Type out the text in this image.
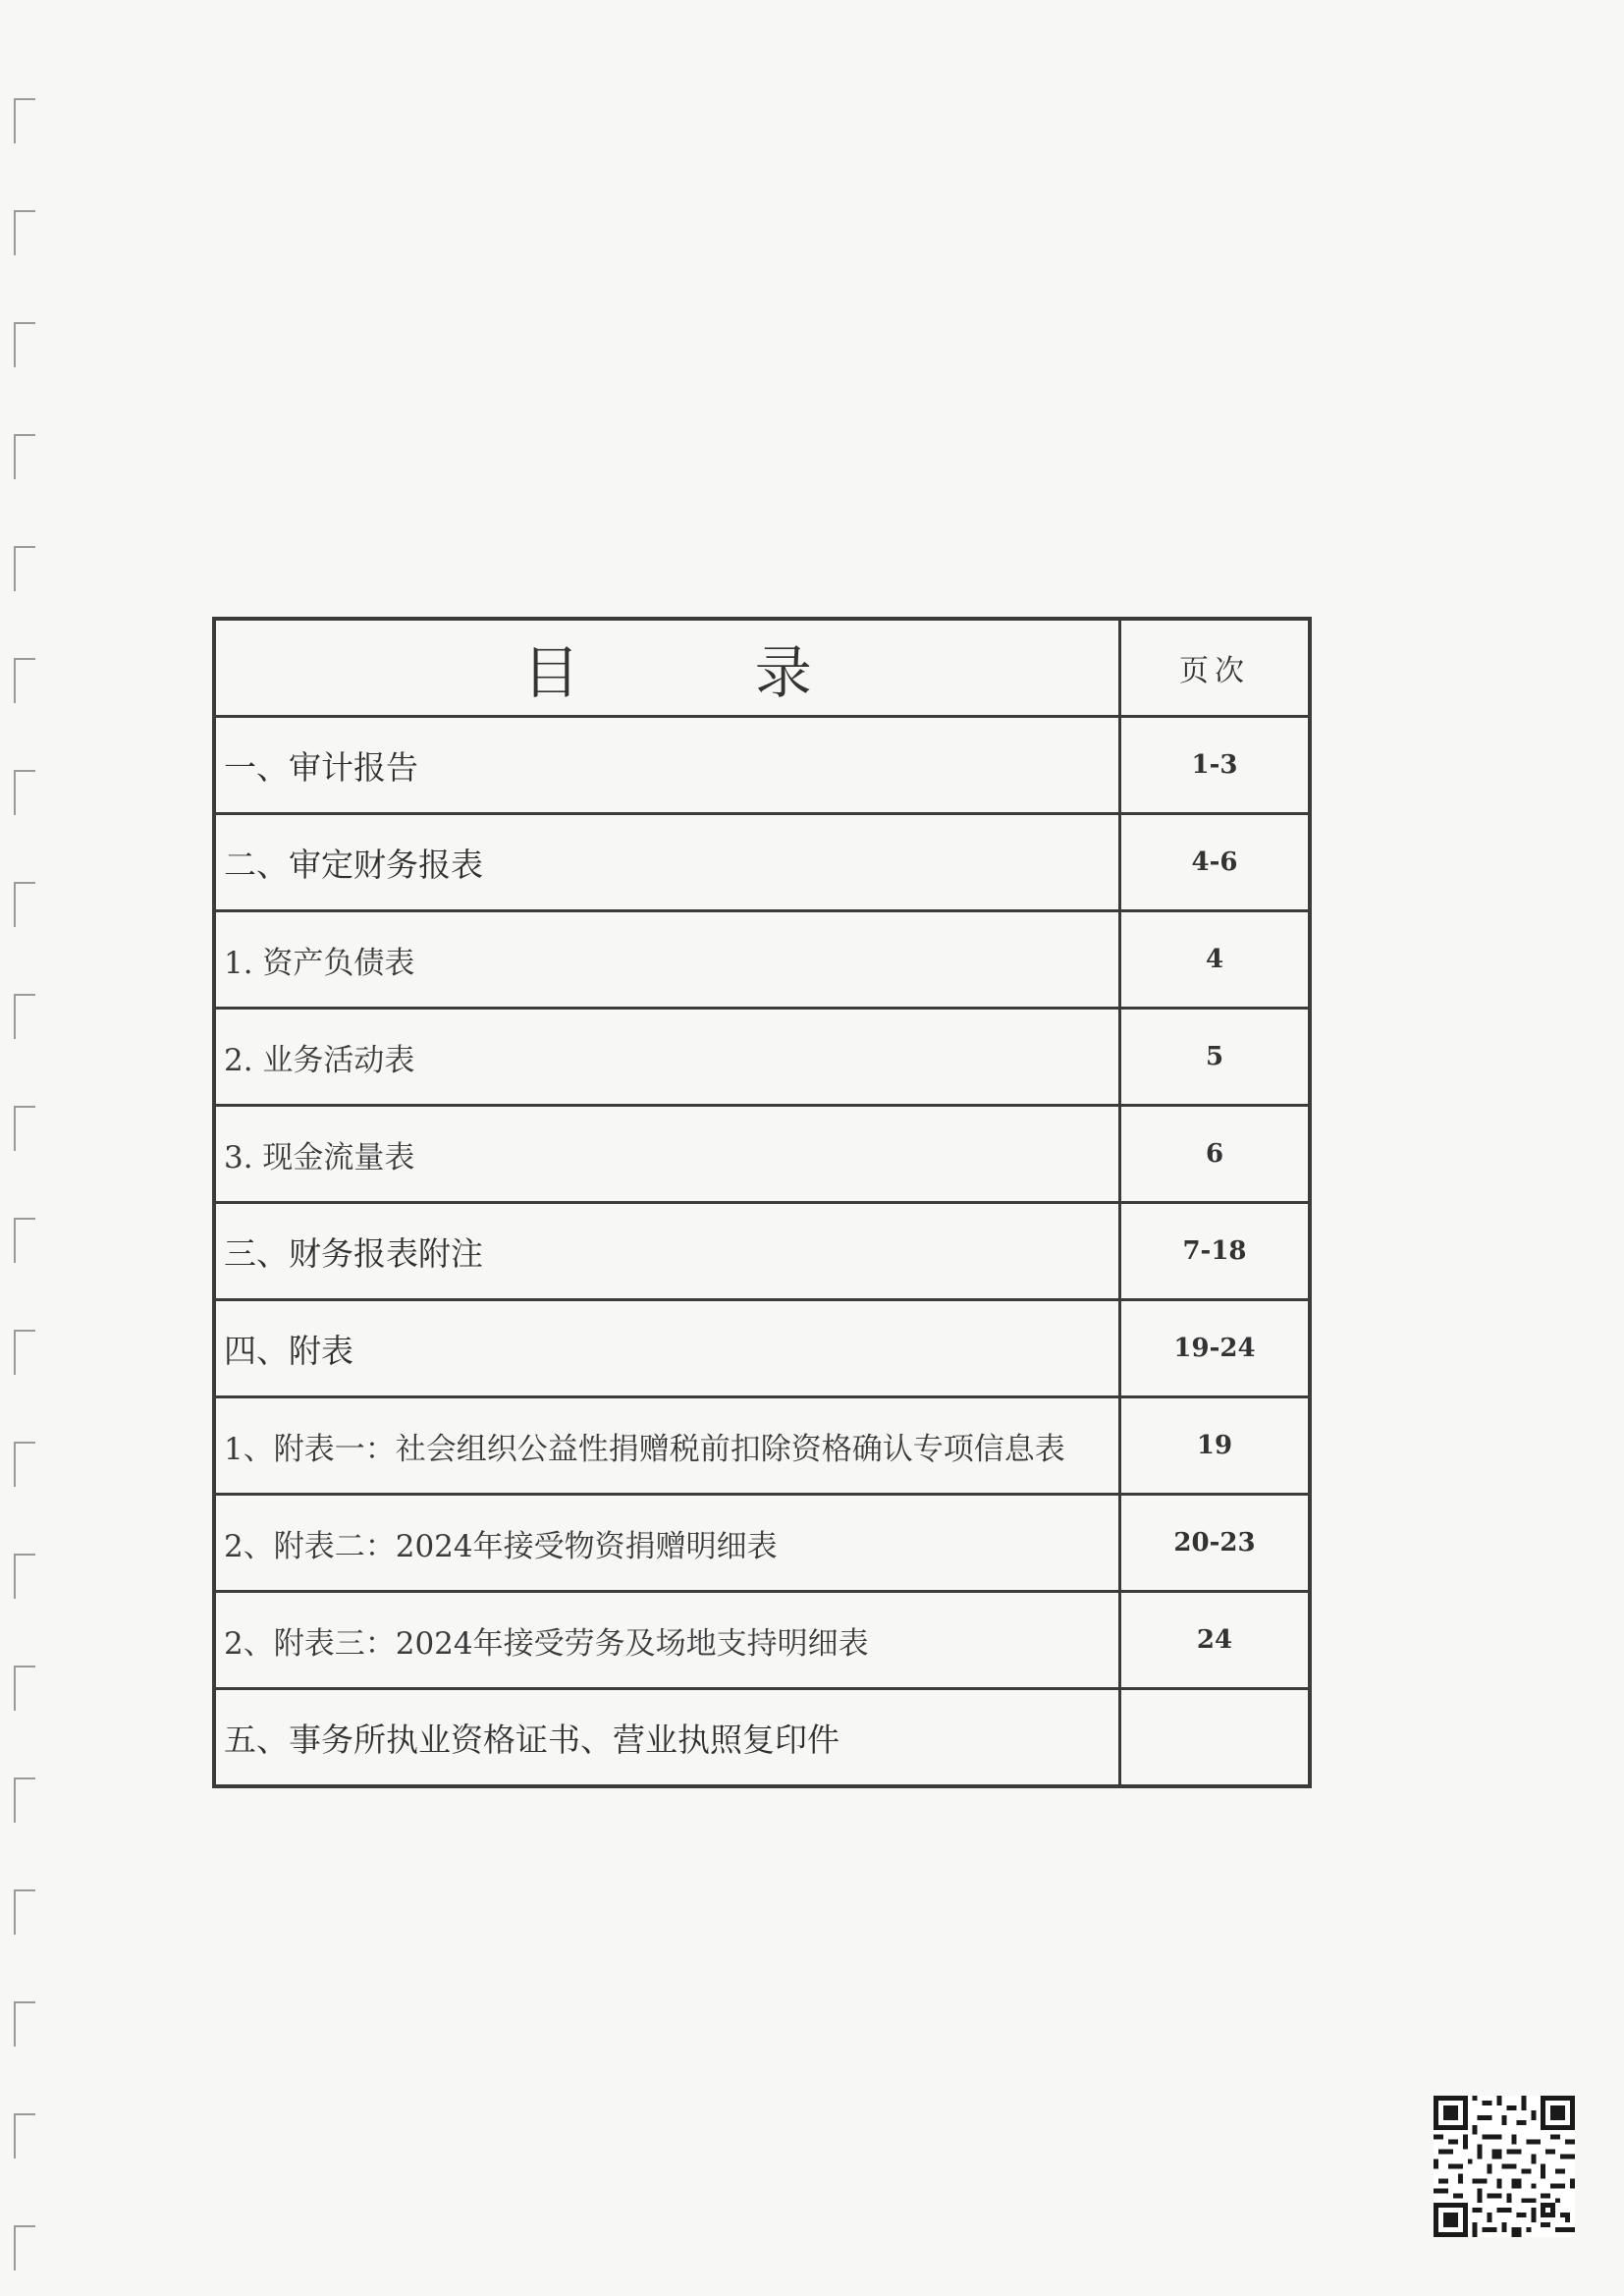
目 录	页次
一、审计报告	1-3
二、审定财务报表	4-6
1. 资产负债表	4
2. 业务活动表	5
3. 现金流量表	6
三、财务报表附注	7-18
四、附表	19-24
1、附表一：社会组织公益性捐赠税前扣除资格确认专项信息表	19
2、附表二：2024年接受物资捐赠明细表	20-23
2、附表三：2024年接受劳务及场地支持明细表	24
五、事务所执业资格证书、营业执照复印件	
